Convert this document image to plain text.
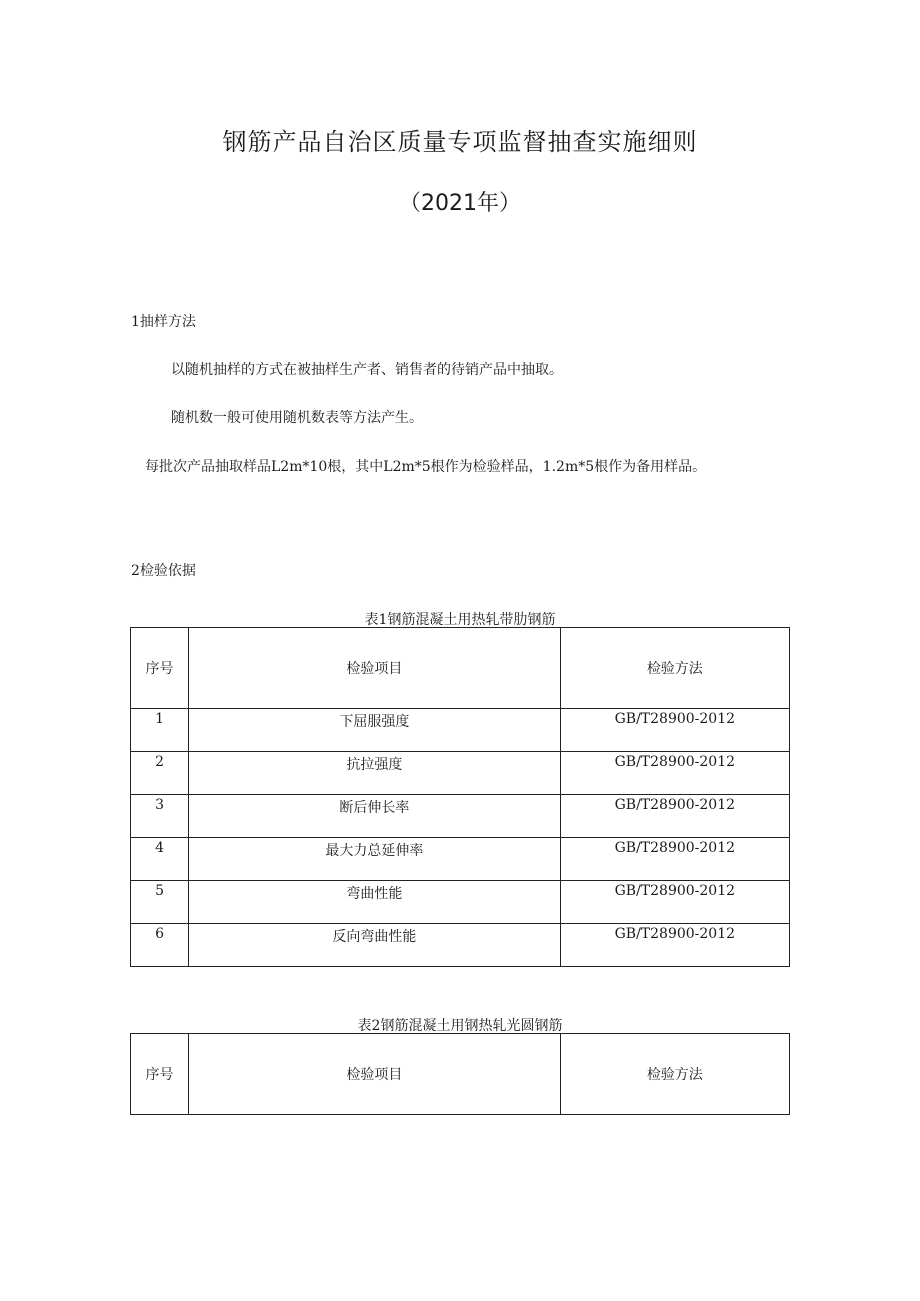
钢筋产品自治区质量专项监督抽查实施细则
（2021年）
1抽样方法
以随机抽样的方式在被抽样生产者、销售者的待销产品中抽取。
随机数一般可使用随机数表等方法产生。
每批次产品抽取样品L2m*10根，其中L2m*5根作为检验样品，1.2m*5根作为备用样品。
2检验依据
表1钢筋混凝土用热轧带肋钢筋
序号	检验项目	检验方法
1	下屈服强度	GB/T28900-2012
2	抗拉强度	GB/T28900-2012
3	断后伸长率	GB/T28900-2012
4	最大力总延伸率	GB/T28900-2012
5	弯曲性能	GB/T28900-2012
6	反向弯曲性能	GB/T28900-2012
表2钢筋混凝土用钢热轧光圆钢筋
序号	检验项目	检验方法
